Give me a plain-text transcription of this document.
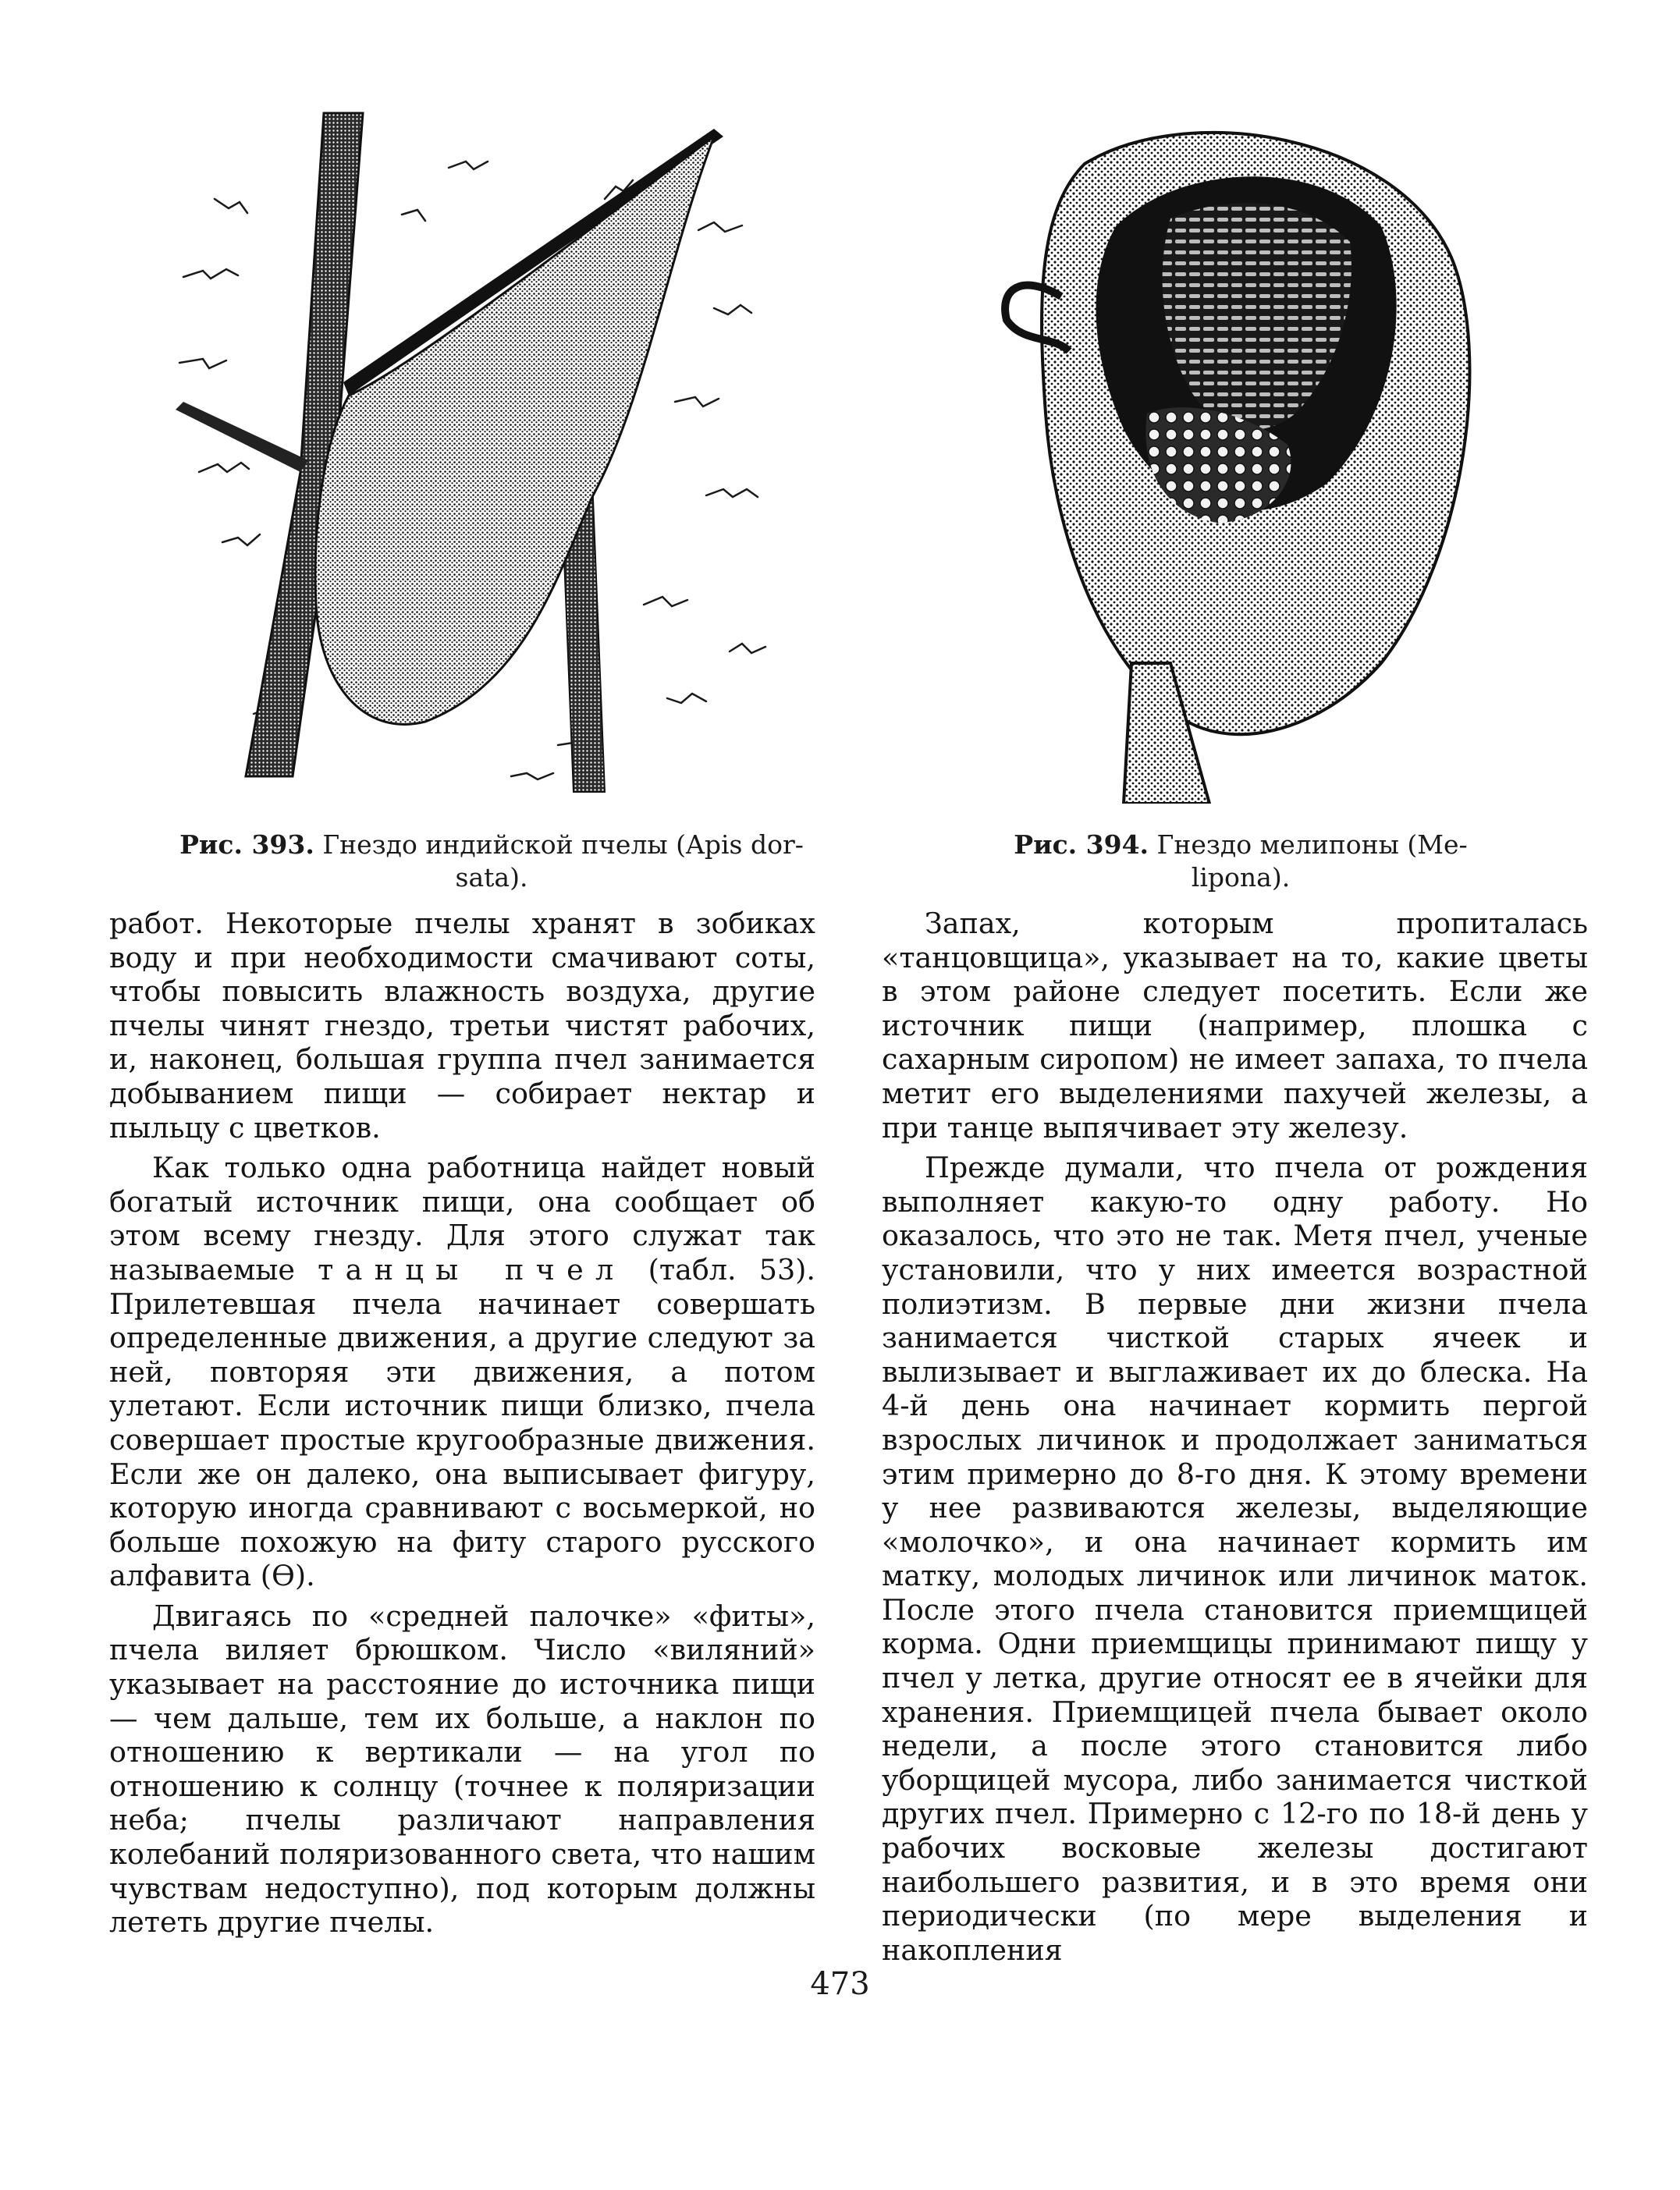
Рис. 393. Гнездо индийской пчелы (Apis dor-
sata).
Рис. 394. Гнездо мелипоны (Me-
lipona).

работ. Некоторые пчелы хранят в зобиках воду и при необходимости смачивают соты, чтобы повысить влажность воздуха, другие пчелы чинят гнездо, третьи чистят рабочих, и, наконец, большая группа пчел занимается добыванием пищи — собирает нектар и пыльцу с цветков.

Как только одна работница найдет новый богатый источник пищи, она сообщает об этом всему гнезду. Для этого служат так называемые танцы пчел (табл. 53). Прилетевшая пчела начинает совершать определенные движения, а другие следуют за ней, повторяя эти движения, а потом улетают. Если источник пищи близко, пчела совершает простые кругообразные движения. Если же он далеко, она выписывает фигуру, которую иногда сравнивают с восьмеркой, но больше похожую на фиту старого русского алфавита (Ѳ).

Двигаясь по «средней палочке» «фиты», пчела виляет брюшком. Число «виляний» указывает на расстояние до источника пищи — чем дальше, тем их больше, а наклон по отношению к вертикали — на угол по отношению к солнцу (точнее к поляризации неба; пчелы различают направления колебаний поляризованного света, что нашим чувствам недоступно), под которым должны лететь другие пчелы.

Запах, которым пропиталась «танцовщица», указывает на то, какие цветы в этом районе следует посетить. Если же источник пищи (например, плошка с сахарным сиропом) не имеет запаха, то пчела метит его выделениями пахучей железы, а при танце выпячивает эту железу.

Прежде думали, что пчела от рождения выполняет какую-то одну работу. Но оказалось, что это не так. Метя пчел, ученые установили, что у них имеется возрастной полиэтизм. В первые дни жизни пчела занимается чисткой старых ячеек и вылизывает и выглаживает их до блеска. На 4-й день она начинает кормить пергой взрослых личинок и продолжает заниматься этим примерно до 8-го дня. К этому времени у нее развиваются железы, выделяющие «молочко», и она начинает кормить им матку, молодых личинок или личинок маток. После этого пчела становится приемщицей корма. Одни приемщицы принимают пищу у пчел у летка, другие относят ее в ячейки для хранения. Приемщицей пчела бывает около недели, а после этого становится либо уборщицей мусора, либо занимается чисткой других пчел. Примерно с 12-го по 18-й день у рабочих восковые железы достигают наибольшего развития, и в это время они периодически (по мере выделения и накопления

473
